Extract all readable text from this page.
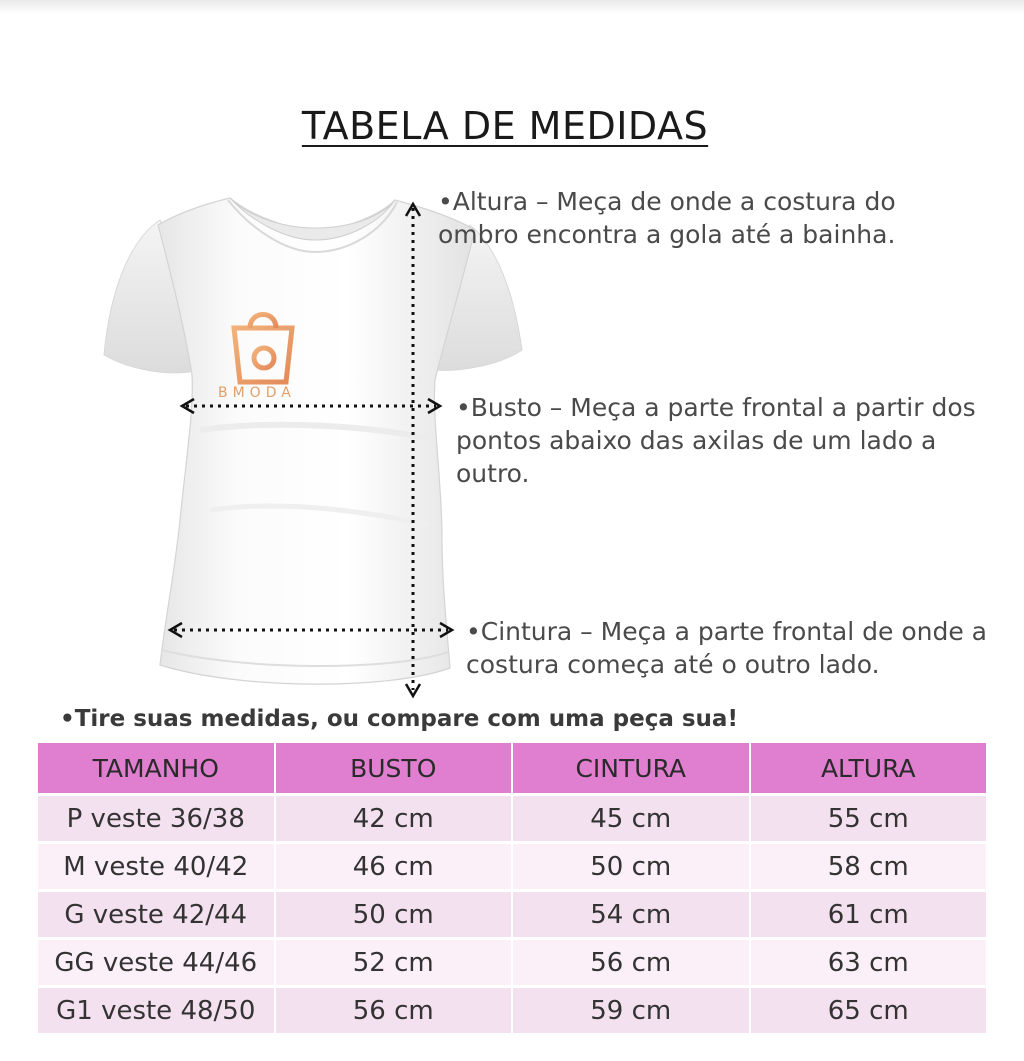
TABELA DE MEDIDAS
BMODA
•Altura – Meça de onde a costura do ombro encontra a gola até a bainha.
•Busto – Meça a parte frontal a partir dos pontos abaixo das axilas de um lado a outro.
•Cintura – Meça a parte frontal de onde a costura começa até o outro lado.
•Tire suas medidas, ou compare com uma peça sua!
TAMANHO	BUSTO	CINTURA	ALTURA
P veste 36/38	42 cm	45 cm	55 cm
M veste 40/42	46 cm	50 cm	58 cm
G veste 42/44	50 cm	54 cm	61 cm
GG veste 44/46	52 cm	56 cm	63 cm
G1 veste 48/50	56 cm	59 cm	65 cm
